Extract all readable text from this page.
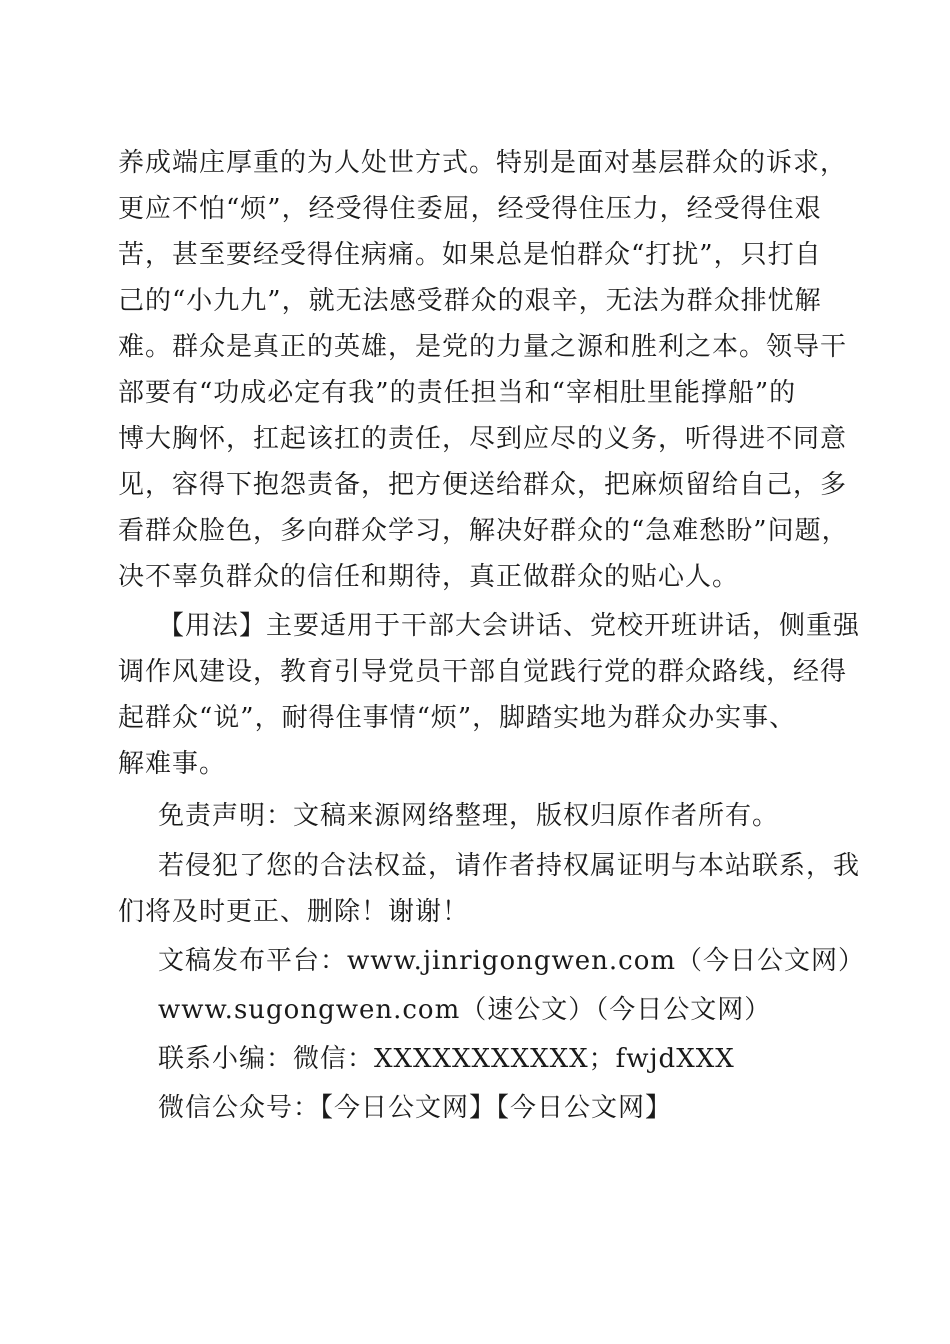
养成端庄厚重的为人处世方式。特别是面对基层群众的诉求，
更应不怕“烦”，经受得住委屈，经受得住压力，经受得住艰
苦，甚至要经受得住病痛。如果总是怕群众“打扰”，只打自
己的“小九九”，就无法感受群众的艰辛，无法为群众排忧解
难。群众是真正的英雄，是党的力量之源和胜利之本。领导干
部要有“功成必定有我”的责任担当和“宰相肚里能撑船”的
博大胸怀，扛起该扛的责任，尽到应尽的义务，听得进不同意
见，容得下抱怨责备，把方便送给群众，把麻烦留给自己，多
看群众脸色，多向群众学习，解决好群众的“急难愁盼”问题，
决不辜负群众的信任和期待，真正做群众的贴心人。
【用法】主要适用于干部大会讲话、党校开班讲话，侧重强
调作风建设，教育引导党员干部自觉践行党的群众路线，经得
起群众“说”，耐得住事情“烦”，脚踏实地为群众办实事、
解难事。
免责声明：文稿来源网络整理，版权归原作者所有。
若侵犯了您的合法权益，请作者持权属证明与本站联系，我
们将及时更正、删除！谢谢！
文稿发布平台：www.jinrigongwen.com（今日公文网）
www.sugongwen.com（速公文）（今日公文网）
联系小编：微信：XXXXXXXXXXX；fwjdXXX
微信公众号：【今日公文网】【今日公文网】
